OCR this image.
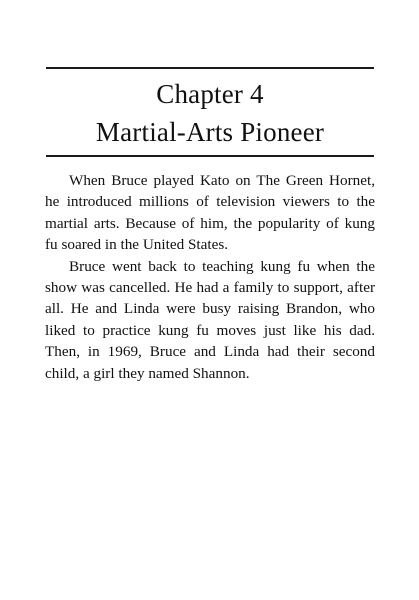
Chapter 4
Martial-Arts Pioneer

When Bruce played Kato on The Green Hornet, he introduced millions of television viewers to the martial arts. Because of him, the popularity of kung fu soared in the United States.

Bruce went back to teaching kung fu when the show was cancelled. He had a family to support, after all. He and Linda were busy raising Brandon, who liked to practice kung fu moves just like his dad. Then, in 1969, Bruce and Linda had their second child, a girl they named Shannon.
